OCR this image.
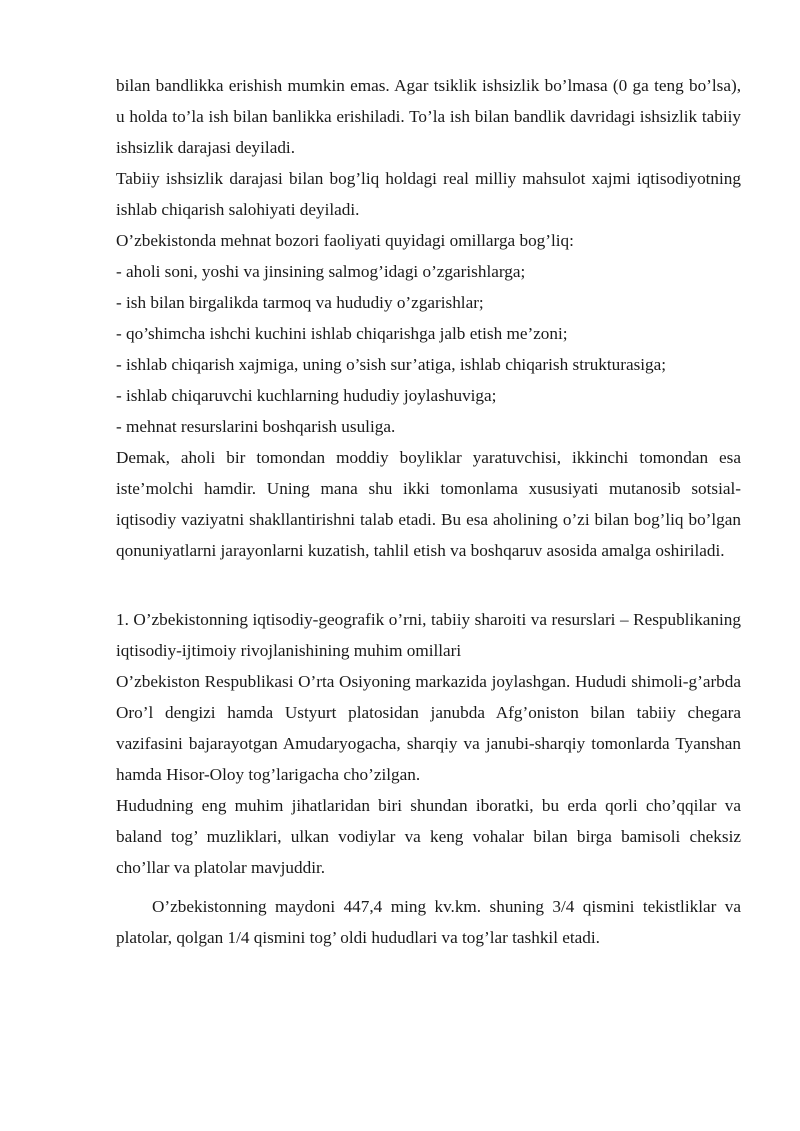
bilan bandlikka erishish mumkin emas. Agar tsiklik ishsizlik bo’lmasa (0 ga teng bo’lsa), u holda to’la ish bilan banlikka erishiladi. To’la ish bilan bandlik davridagi ishsizlik tabiiy ishsizlik darajasi deyiladi.

Tabiiy ishsizlik darajasi bilan bog’liq holdagi real milliy mahsulot xajmi iqtisodiyotning ishlab chiqarish salohiyati deyiladi.

O’zbekistonda mehnat bozori faoliyati quyidagi omillarga bog’liq:

- aholi soni, yoshi va jinsining salmog’idagi o’zgarishlarga;

- ish bilan birgalikda tarmoq va hududiy o’zgarishlar;

- qo’shimcha ishchi kuchini ishlab chiqarishga jalb etish me’zoni;

- ishlab chiqarish xajmiga, uning o’sish sur’atiga, ishlab chiqarish strukturasiga;

- ishlab chiqaruvchi kuchlarning hududiy joylashuviga;

- mehnat resurslarini boshqarish usuliga.

Demak, aholi bir tomondan moddiy boyliklar yaratuvchisi, ikkinchi tomondan esa iste’molchi hamdir. Uning mana shu ikki tomonlama xususiyati mutanosib sotsial-iqtisodiy vaziyatni shakllantirishni talab etadi. Bu esa aholining o’zi bilan bog’liq bo’lgan qonuniyatlarni jarayonlarni kuzatish, tahlil etish va boshqaruv asosida amalga oshiriladi.

1. O’zbekistonning iqtisodiy-geografik o’rni, tabiiy sharoiti va resurslari – Respublikaning iqtisodiy-ijtimoiy rivojlanishining muhim omillari

O’zbekiston Respublikasi O’rta Osiyoning markazida joylashgan. Hududi shimoli-g’arbda Oro’l dengizi hamda Ustyurt platosidan janubda Afg’oniston bilan tabiiy chegara vazifasini bajarayotgan Amudaryogacha, sharqiy va janubi-sharqiy tomonlarda Tyanshan hamda Hisor-Oloy tog’larigacha cho’zilgan.

Hududning eng muhim jihatlaridan biri shundan iboratki, bu erda qorli cho’qqilar va baland tog’ muzliklari, ulkan vodiylar va keng vohalar bilan birga bamisoli cheksiz cho’llar va platolar mavjuddir.

O’zbekistonning maydoni 447,4 ming kv.km. shuning 3/4 qismini tekistliklar va platolar, qolgan 1/4 qismini tog’ oldi hududlari va tog’lar tashkil etadi.
